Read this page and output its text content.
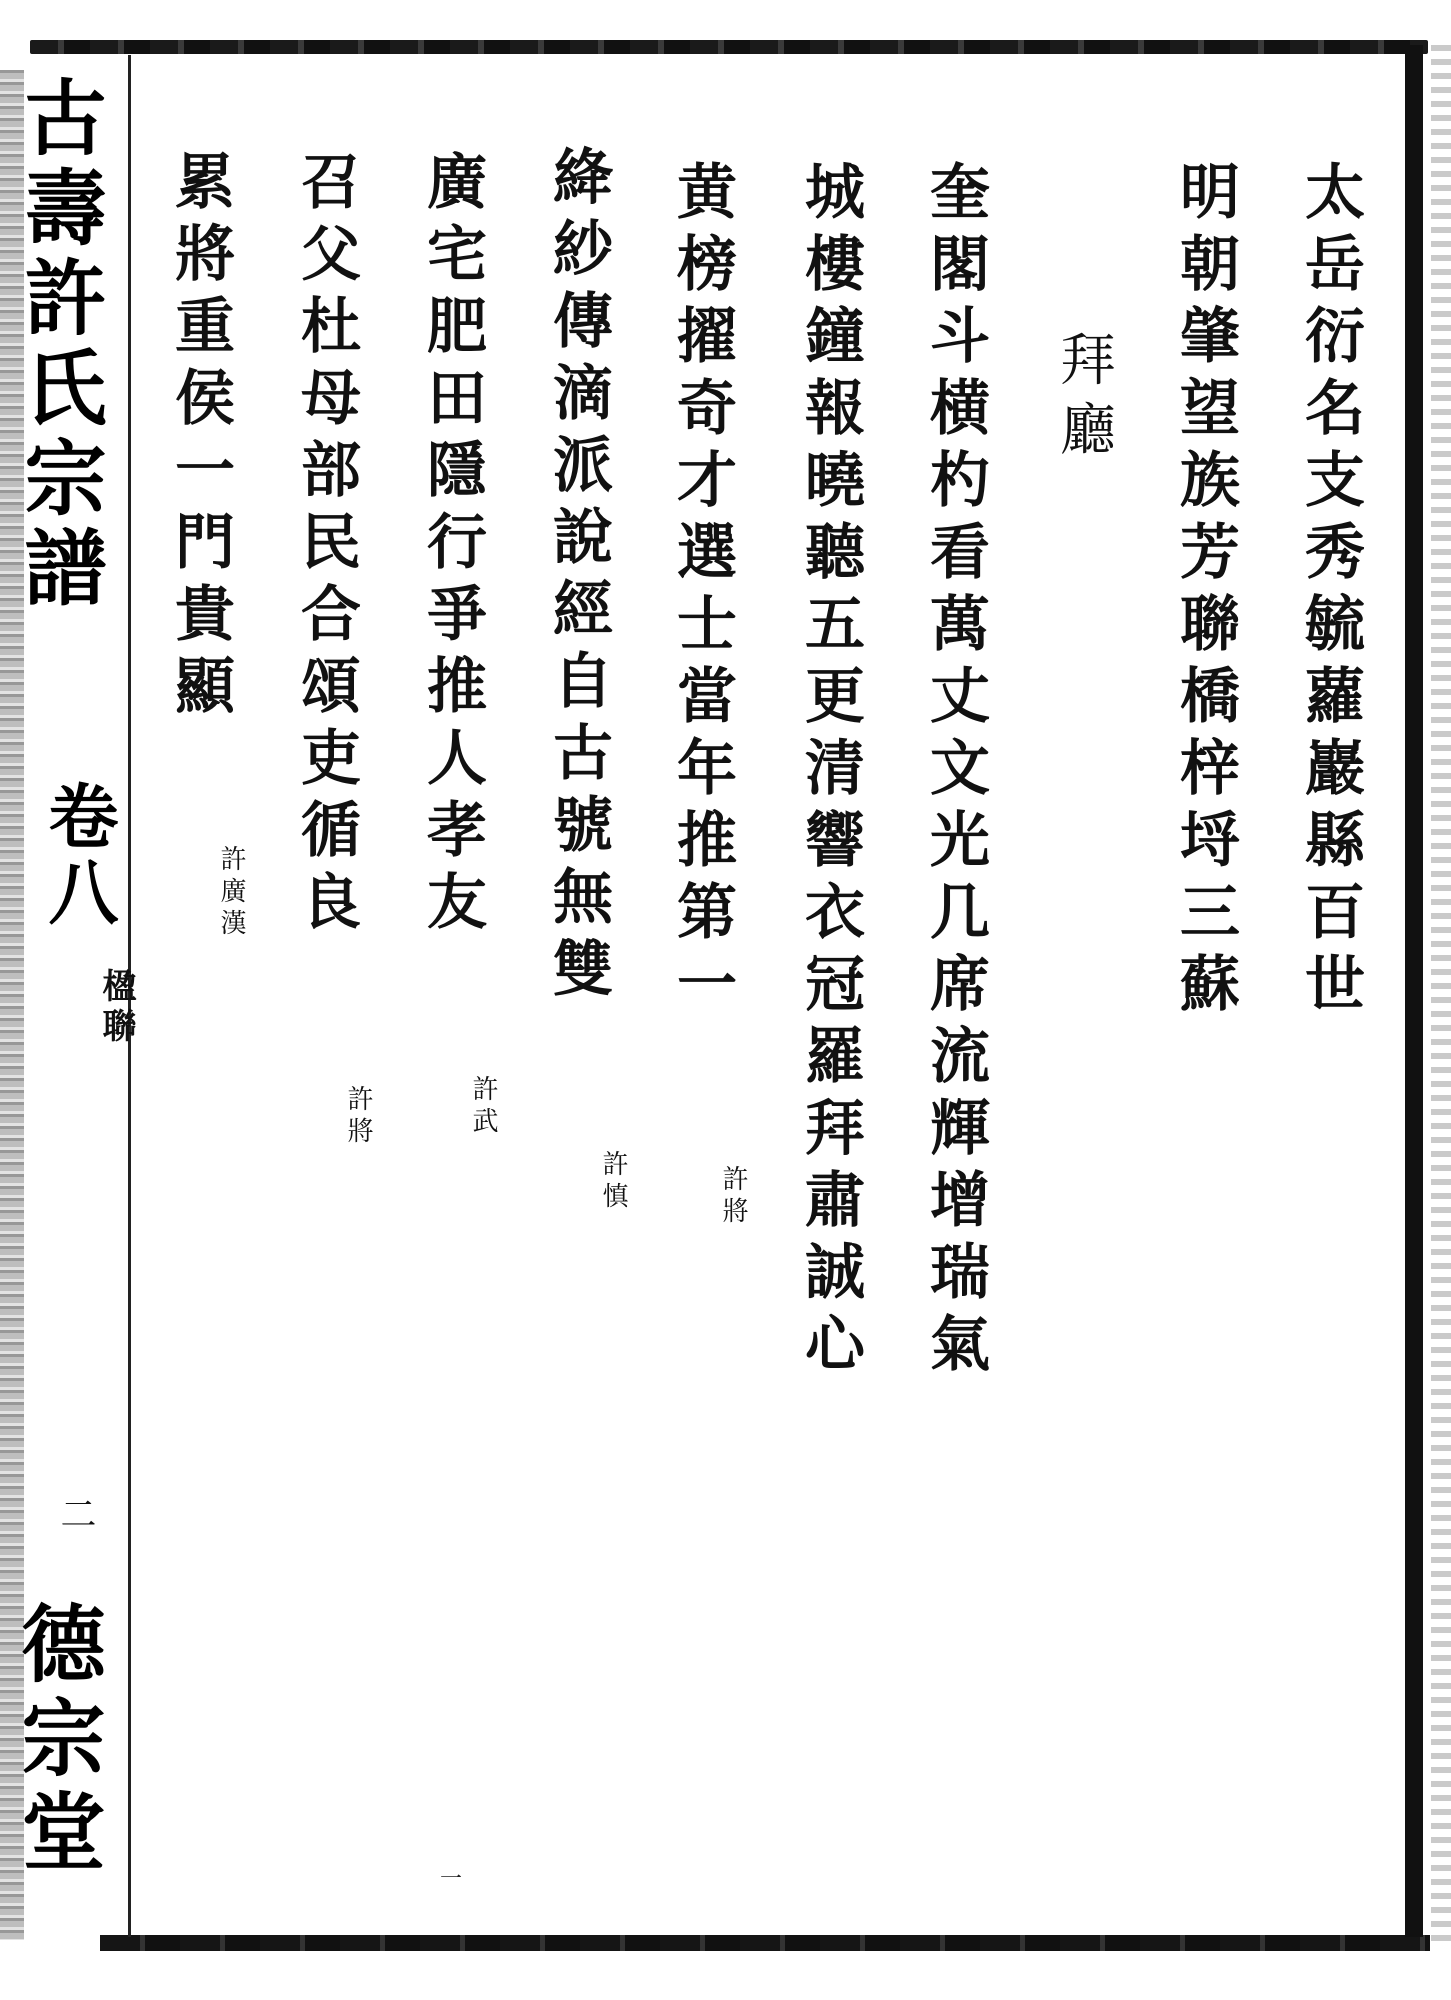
古壽許氏宗譜
卷八
楹聯
二
德宗堂
太岳衍名支秀毓蘿巖縣百世
明朝肇望族芳聯橋梓埒三蘇
拜廳
奎閣斗横杓看萬丈文光几席流輝增瑞氣
城樓鐘報曉聽五更清響衣冠羅拜肅誠心
黄榜擢奇才選士當年推第一
許將
絳紗傳滴派說經自古號無雙
許慎
廣宅肥田隱行爭推人孝友
許武
召父杜母部民合頌吏循良
許將
累將重侯一門貴顯
許廣漢
一
